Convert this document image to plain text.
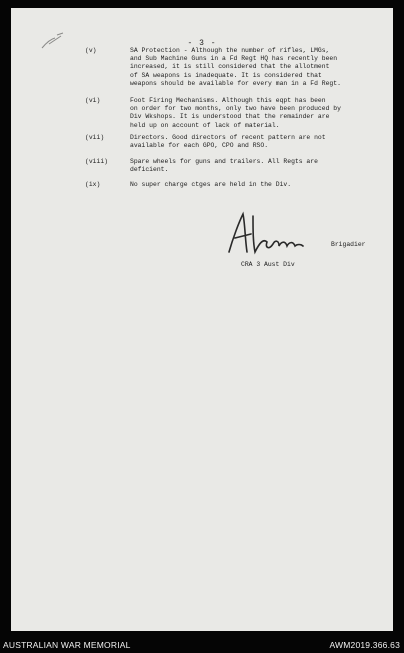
- 3 -
(v)	SA Protection - Although the number of rifles, LMGs,
and Sub Machine Guns in a Fd Regt HQ has recently been
increased, it is still considered that the allotment
of SA weapons is inadequate. It is considered that
weapons should be available for every man in a Fd Regt.
(vi)	Foot Firing Mechanisms. Although this eqpt has been
on order for two months, only two have been produced by
Div Wkshops. It is understood that the remainder are
held up on account of lack of material.
(vii)	Directors. Good directors of recent pattern are not
available for each GPO, CPO and RSO.
(viii)	Spare wheels for guns and trailers. All Regts are
deficient.
(ix)	No super charge ctges are held in the Div.
Brigadier
CRA 3 Aust Div
AUSTRALIAN WAR MEMORIAL	AWM2019.366.63
